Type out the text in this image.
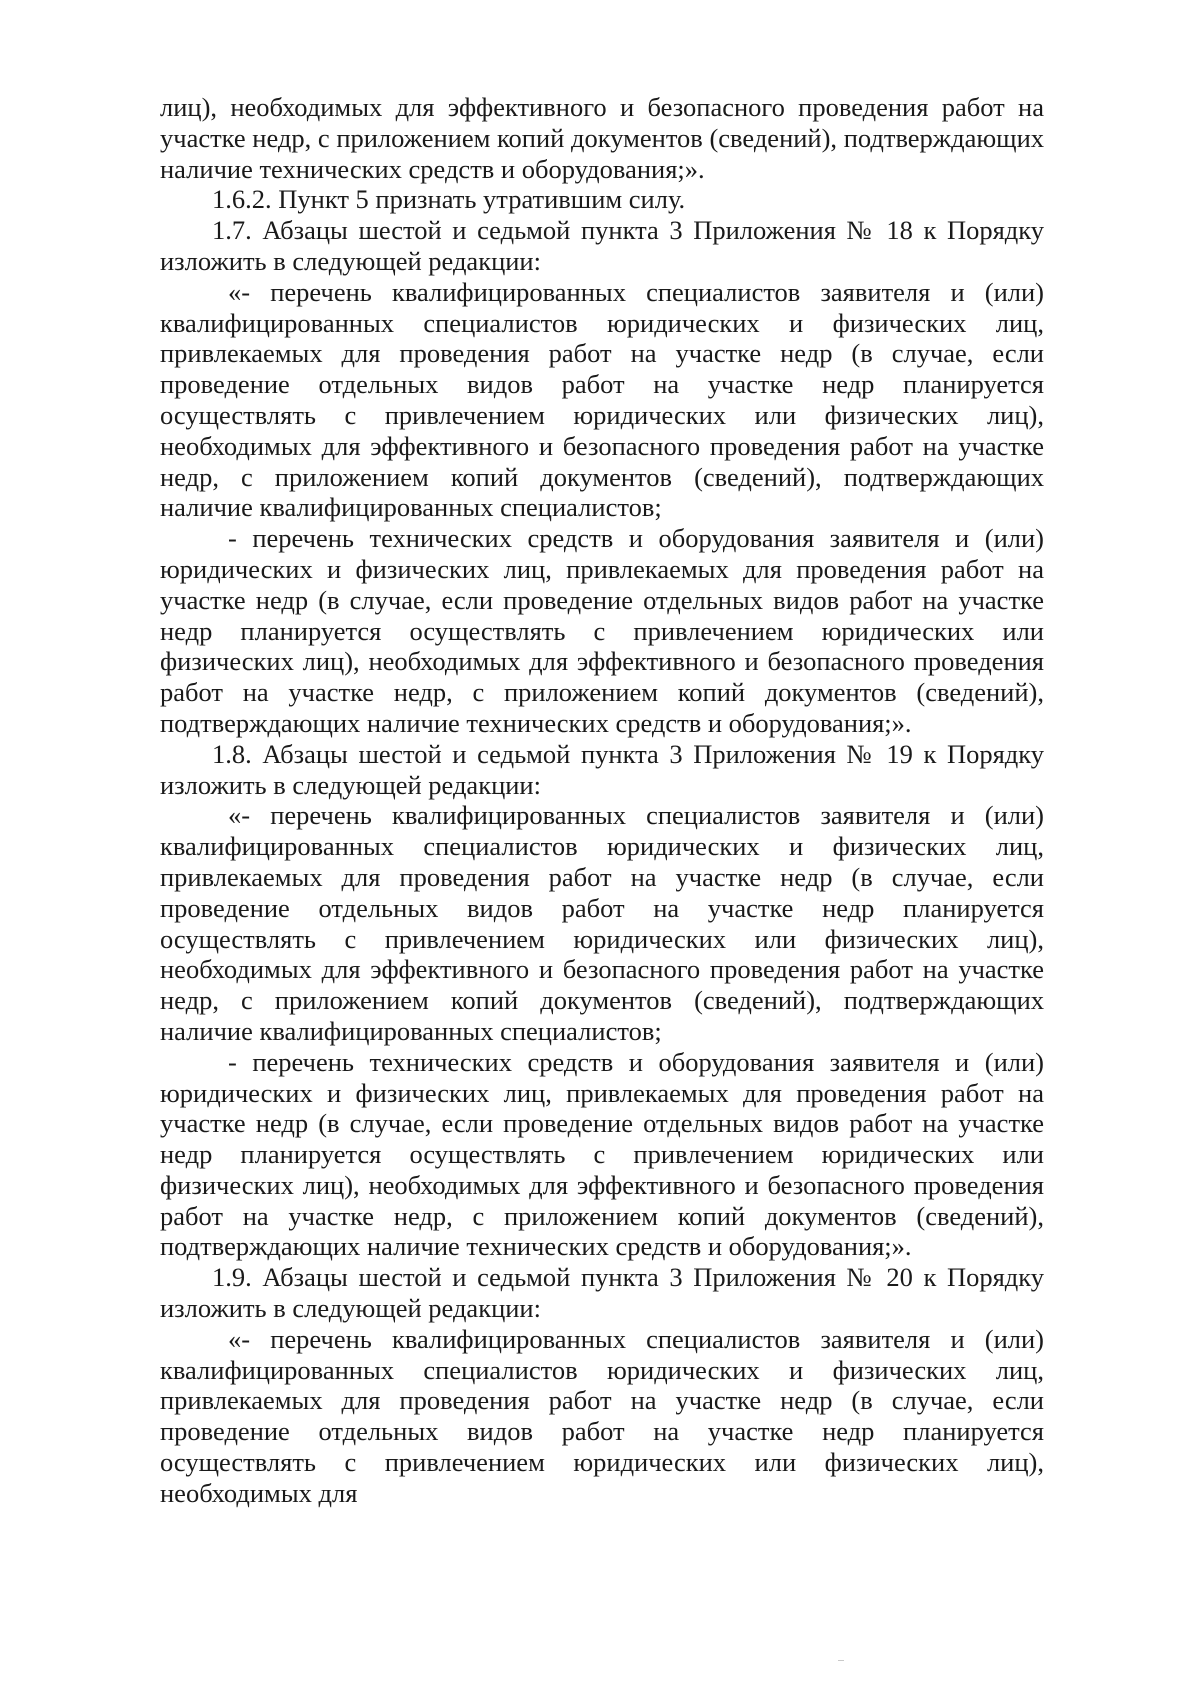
лиц), необходимых для эффективного и безопасного проведения работ на участке недр, с приложением копий документов (сведений), подтверждающих наличие технических средств и оборудования;».

1.6.2. Пункт 5 признать утратившим силу.

1.7. Абзацы шестой и седьмой пункта 3 Приложения № 18 к Порядку изложить в следующей редакции:

«- перечень квалифицированных специалистов заявителя и (или) квалифицированных специалистов юридических и физических лиц, привлекаемых для проведения работ на участке недр (в случае, если проведение отдельных видов работ на участке недр планируется осуществлять с привлечением юридических или физических лиц), необходимых для эффективного и безопасного проведения работ на участке недр, с приложением копий документов (сведений), подтверждающих наличие квалифицированных специалистов;

- перечень технических средств и оборудования заявителя и (или) юридических и физических лиц, привлекаемых для проведения работ на участке недр (в случае, если проведение отдельных видов работ на участке недр планируется осуществлять с привлечением юридических или физических лиц), необходимых для эффективного и безопасного проведения работ на участке недр, с приложением копий документов (сведений), подтверждающих наличие технических средств и оборудования;».

1.8. Абзацы шестой и седьмой пункта 3 Приложения № 19 к Порядку изложить в следующей редакции:

«- перечень квалифицированных специалистов заявителя и (или) квалифицированных специалистов юридических и физических лиц, привлекаемых для проведения работ на участке недр (в случае, если проведение отдельных видов работ на участке недр планируется осуществлять с привлечением юридических или физических лиц), необходимых для эффективного и безопасного проведения работ на участке недр, с приложением копий документов (сведений), подтверждающих наличие квалифицированных специалистов;

- перечень технических средств и оборудования заявителя и (или) юридических и физических лиц, привлекаемых для проведения работ на участке недр (в случае, если проведение отдельных видов работ на участке недр планируется осуществлять с привлечением юридических или физических лиц), необходимых для эффективного и безопасного проведения работ на участке недр, с приложением копий документов (сведений), подтверждающих наличие технических средств и оборудования;».

1.9. Абзацы шестой и седьмой пункта 3 Приложения № 20 к Порядку изложить в следующей редакции:

«- перечень квалифицированных специалистов заявителя и (или) квалифицированных специалистов юридических и физических лиц, привлекаемых для проведения работ на участке недр (в случае, если проведение отдельных видов работ на участке недр планируется осуществлять с привлечением юридических или физических лиц), необходимых для
